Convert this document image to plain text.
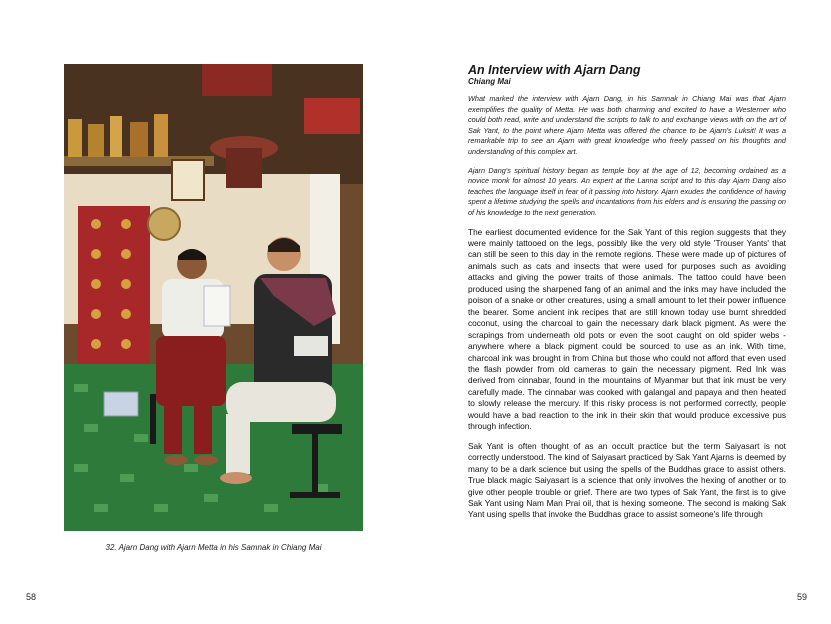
32. Ajarn Dang with Ajarn Metta in his Samnak in Chiang Mai
58
An Interview with Ajarn Dang
Chiang Mai

What marked the interview with Ajarn Dang, in his Samnak in Chiang Mai was that Ajarn exemplifies the quality of Metta. He was both charming and excited to have a Westerner who could both read, write and understand the scripts to talk to and exchange views with on the art of Sak Yant, to the point where Ajarn Metta was offered the chance to be Ajarn's Luksit! It was a remarkable trip to see an Ajarn with great knowledge who freely passed on his thoughts and understanding of this complex art.

Ajarn Dang's spiritual history began as temple boy at the age of 12, becoming ordained as a novice monk for almost 10 years. An expert at the Lanna script and to this day Ajarn Dang also teaches the language itself in fear of it passing into history. Ajarn exudes the confidence of having spent a lifetime studying the spells and incantations from his elders and is ensuring the passing on of his knowledge to the next generation.

The earliest documented evidence for the Sak Yant of this region suggests that they were mainly tattooed on the legs, possibly like the very old style 'Trouser Yants' that can still be seen to this day in the remote regions. These were made up of pictures of animals such as cats and insects that were used for purposes such as avoiding attacks and giving the power traits of those animals. The tattoo could have been produced using the sharpened fang of an animal and the inks may have included the poison of a snake or other creatures, using a small amount to let their power influence the bearer. Some ancient ink recipes that are still known today use burnt shredded coconut, using the charcoal to gain the necessary dark black pigment. As were the scrapings from underneath old pots or even the soot caught on old spider webs - anywhere where a black pigment could be sourced to use as an ink. With time, charcoal ink was brought in from China but those who could not afford that even used the flash powder from old cameras to gain the necessary pigment. Red Ink was derived from cinnabar, found in the mountains of Myanmar but that ink must be very carefully made. The cinnabar was cooked with galangal and papaya and then heated to slowly release the mercury. If this risky process is not performed correctly, people would have a bad reaction to the ink in their skin that would produce excessive pus through infection.

Sak Yant is often thought of as an occult practice but the term Saiyasart is not correctly understood. The kind of Saiyasart practiced by Sak Yant Ajarns is deemed by many to be a dark science but using the spells of the Buddhas grace to assist others. True black magic Saiyasart is a science that only involves the hexing of another or to give other people trouble or grief. There are two types of Sak Yant, the first is to give Sak Yant using Nam Man Prai oil, that is hexing someone. The second is making Sak Yant using spells that invoke the Buddhas grace to assist someone's life through

59
